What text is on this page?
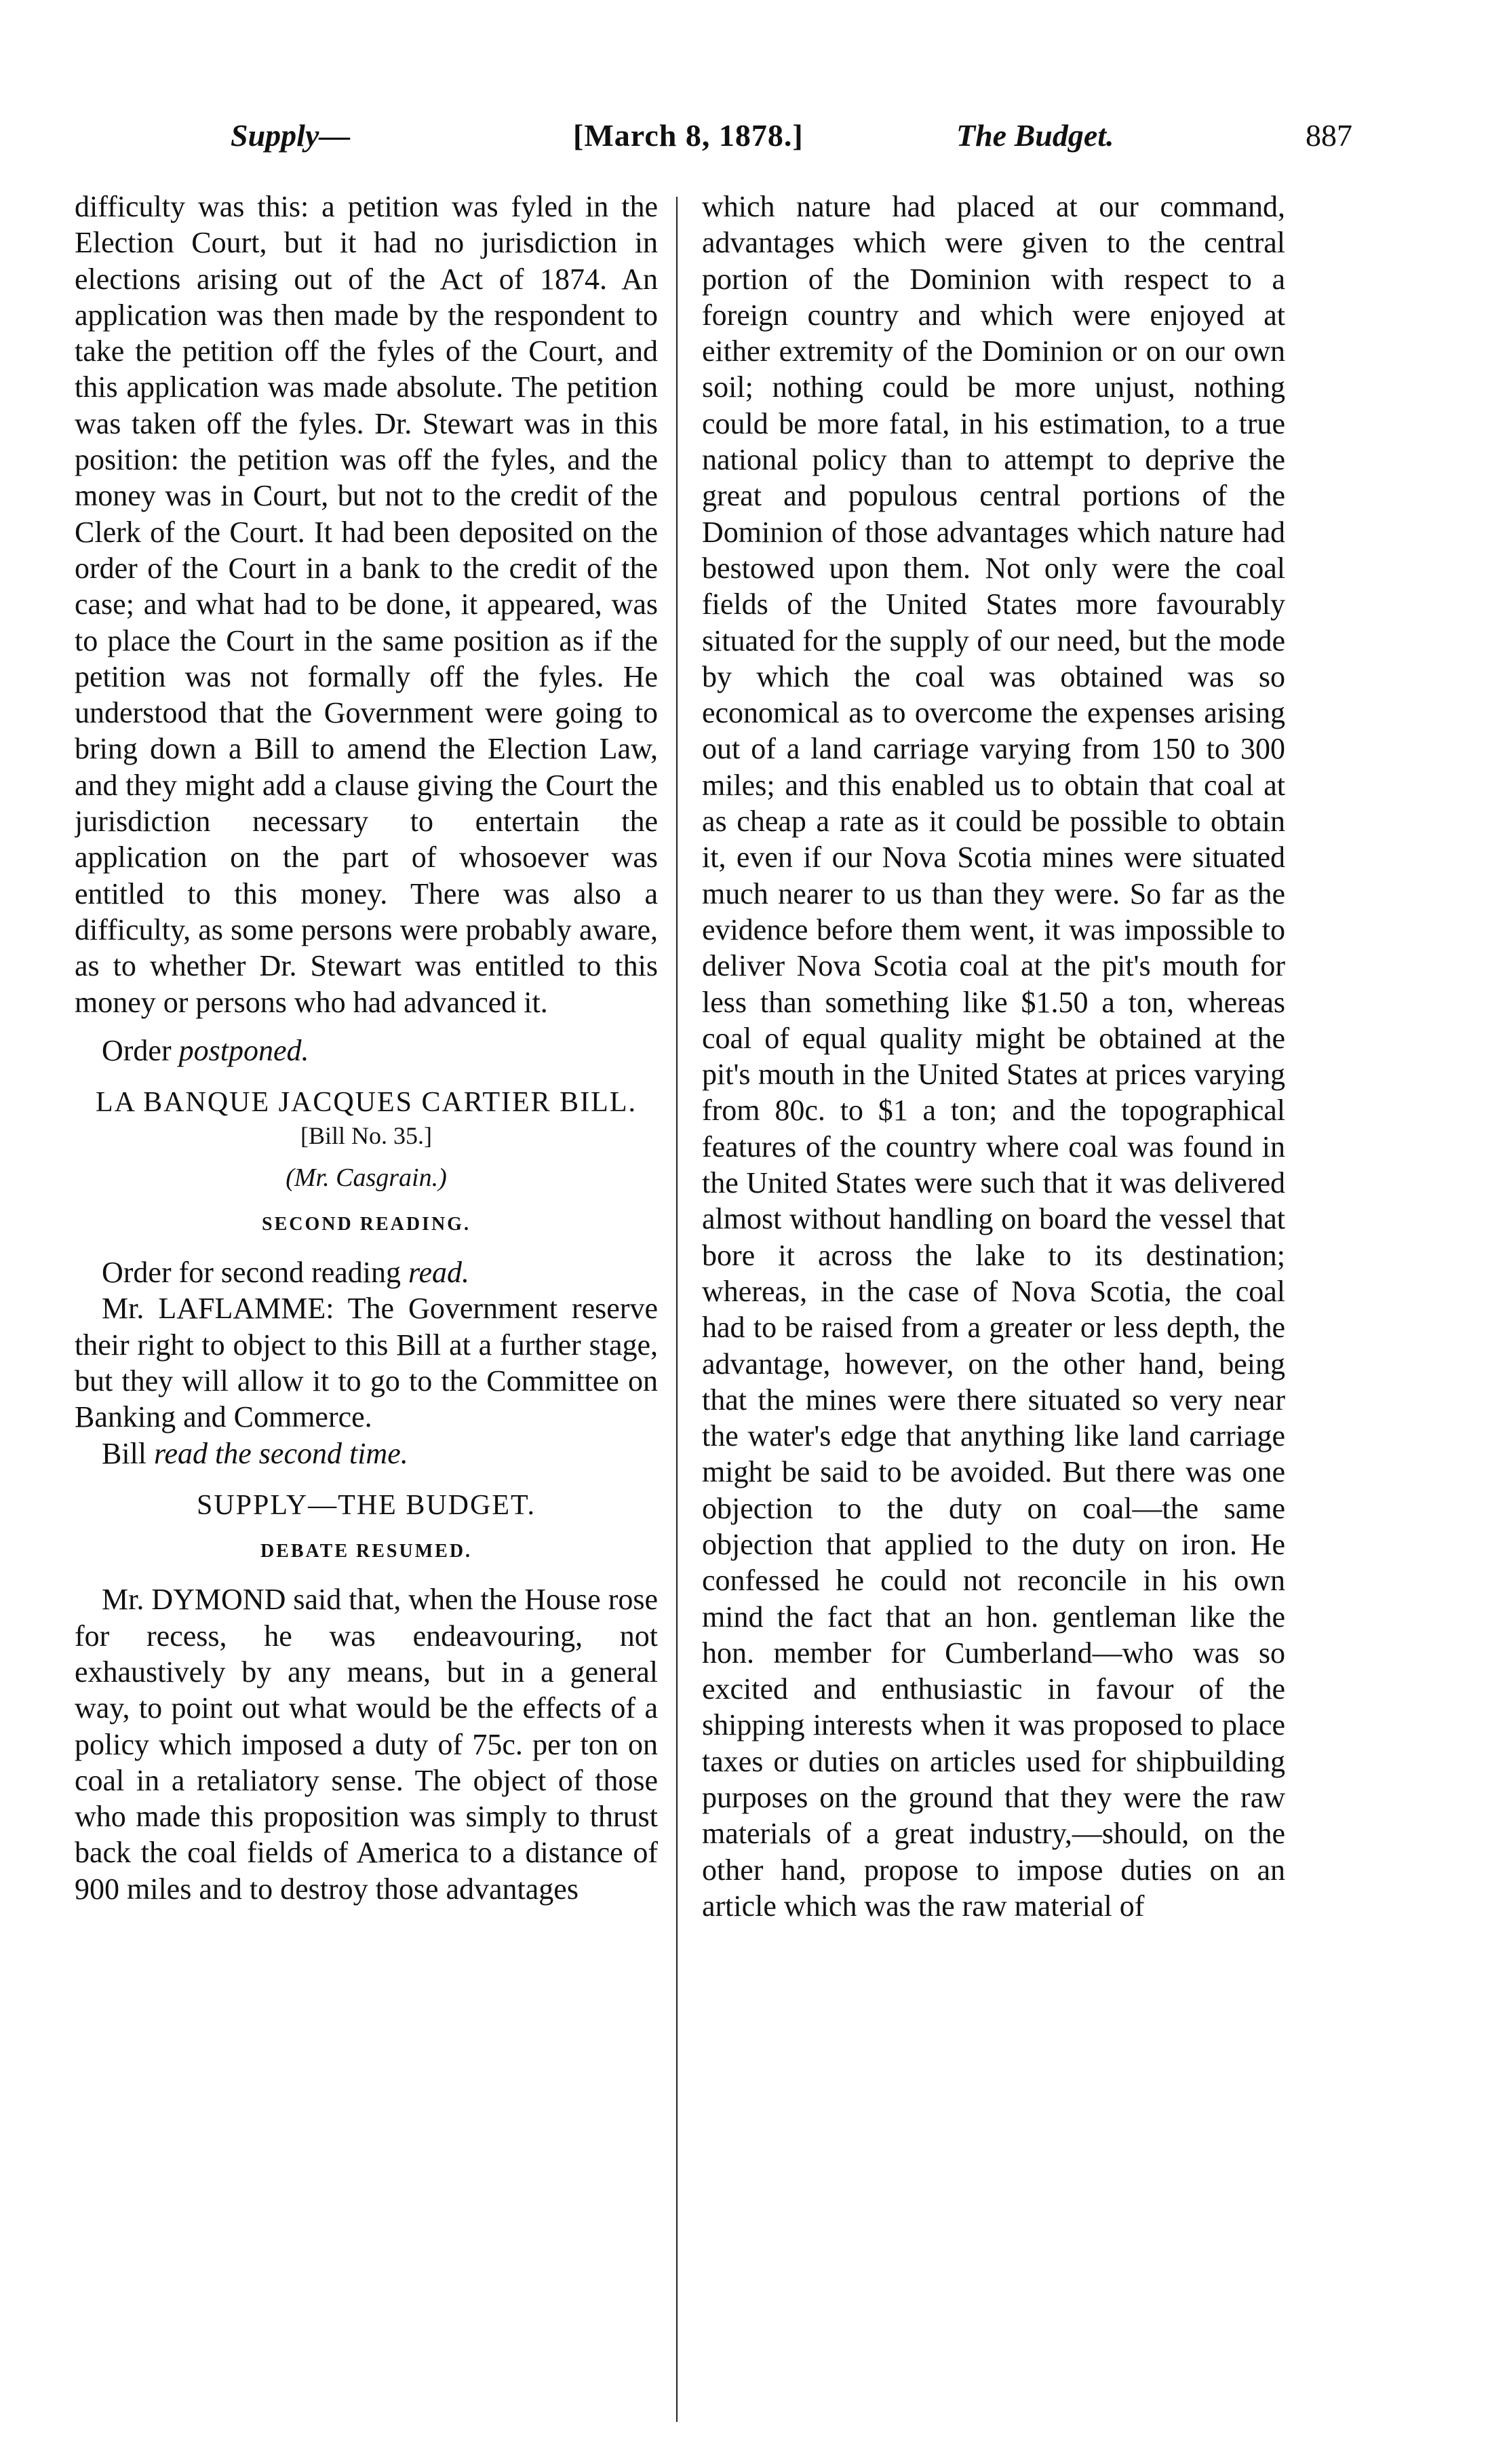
Supply—	[March 8, 1878.]	The Budget.	887

difficulty was this: a petition was fyled in the Election Court, but it had no jurisdiction in elections arising out of the Act of 1874. An application was then made by the respondent to take the petition off the fyles of the Court, and this application was made absolute. The petition was taken off the fyles. Dr. Stewart was in this position: the petition was off the fyles, and the money was in Court, but not to the credit of the Clerk of the Court. It had been deposited on the order of the Court in a bank to the credit of the case; and what had to be done, it appeared, was to place the Court in the same position as if the petition was not formally off the fyles. He understood that the Government were going to bring down a Bill to amend the Election Law, and they might add a clause giving the Court the jurisdiction necessary to entertain the application on the part of whosoever was entitled to this money. There was also a difficulty, as some persons were probably aware, as to whether Dr. Stewart was entitled to this money or persons who had advanced it.

Order postponed.

LA BANQUE JACQUES CARTIER BILL.

[Bill No. 35.]

(Mr. Casgrain.)

SECOND READING.

Order for second reading read.

Mr. LAFLAMME: The Government reserve their right to object to this Bill at a further stage, but they will allow it to go to the Committee on Banking and Commerce.

Bill read the second time.

SUPPLY—THE BUDGET.

DEBATE RESUMED.

Mr. DYMOND said that, when the House rose for recess, he was endeavouring, not exhaustively by any means, but in a general way, to point out what would be the effects of a policy which imposed a duty of 75c. per ton on coal in a retaliatory sense. The object of those who made this proposition was simply to thrust back the coal fields of America to a distance of 900 miles and to destroy those advantages

which nature had placed at our command, advantages which were given to the central portion of the Dominion with respect to a foreign country and which were enjoyed at either extremity of the Dominion or on our own soil; nothing could be more unjust, nothing could be more fatal, in his estimation, to a true national policy than to attempt to deprive the great and populous central portions of the Dominion of those advantages which nature had bestowed upon them. Not only were the coal fields of the United States more favourably situated for the supply of our need, but the mode by which the coal was obtained was so economical as to overcome the expenses arising out of a land carriage varying from 150 to 300 miles; and this enabled us to obtain that coal at as cheap a rate as it could be possible to obtain it, even if our Nova Scotia mines were situated much nearer to us than they were. So far as the evidence before them went, it was impossible to deliver Nova Scotia coal at the pit's mouth for less than something like $1.50 a ton, whereas coal of equal quality might be obtained at the pit's mouth in the United States at prices varying from 80c. to $1 a ton; and the topographical features of the country where coal was found in the United States were such that it was delivered almost without handling on board the vessel that bore it across the lake to its destination; whereas, in the case of Nova Scotia, the coal had to be raised from a greater or less depth, the advantage, however, on the other hand, being that the mines were there situated so very near the water's edge that anything like land carriage might be said to be avoided. But there was one objection to the duty on coal—the same objection that applied to the duty on iron. He confessed he could not reconcile in his own mind the fact that an hon. gentleman like the hon. member for Cumberland—who was so excited and enthusiastic in favour of the shipping interests when it was proposed to place taxes or duties on articles used for shipbuilding purposes on the ground that they were the raw materials of a great industry,—should, on the other hand, propose to impose duties on an article which was the raw material of
